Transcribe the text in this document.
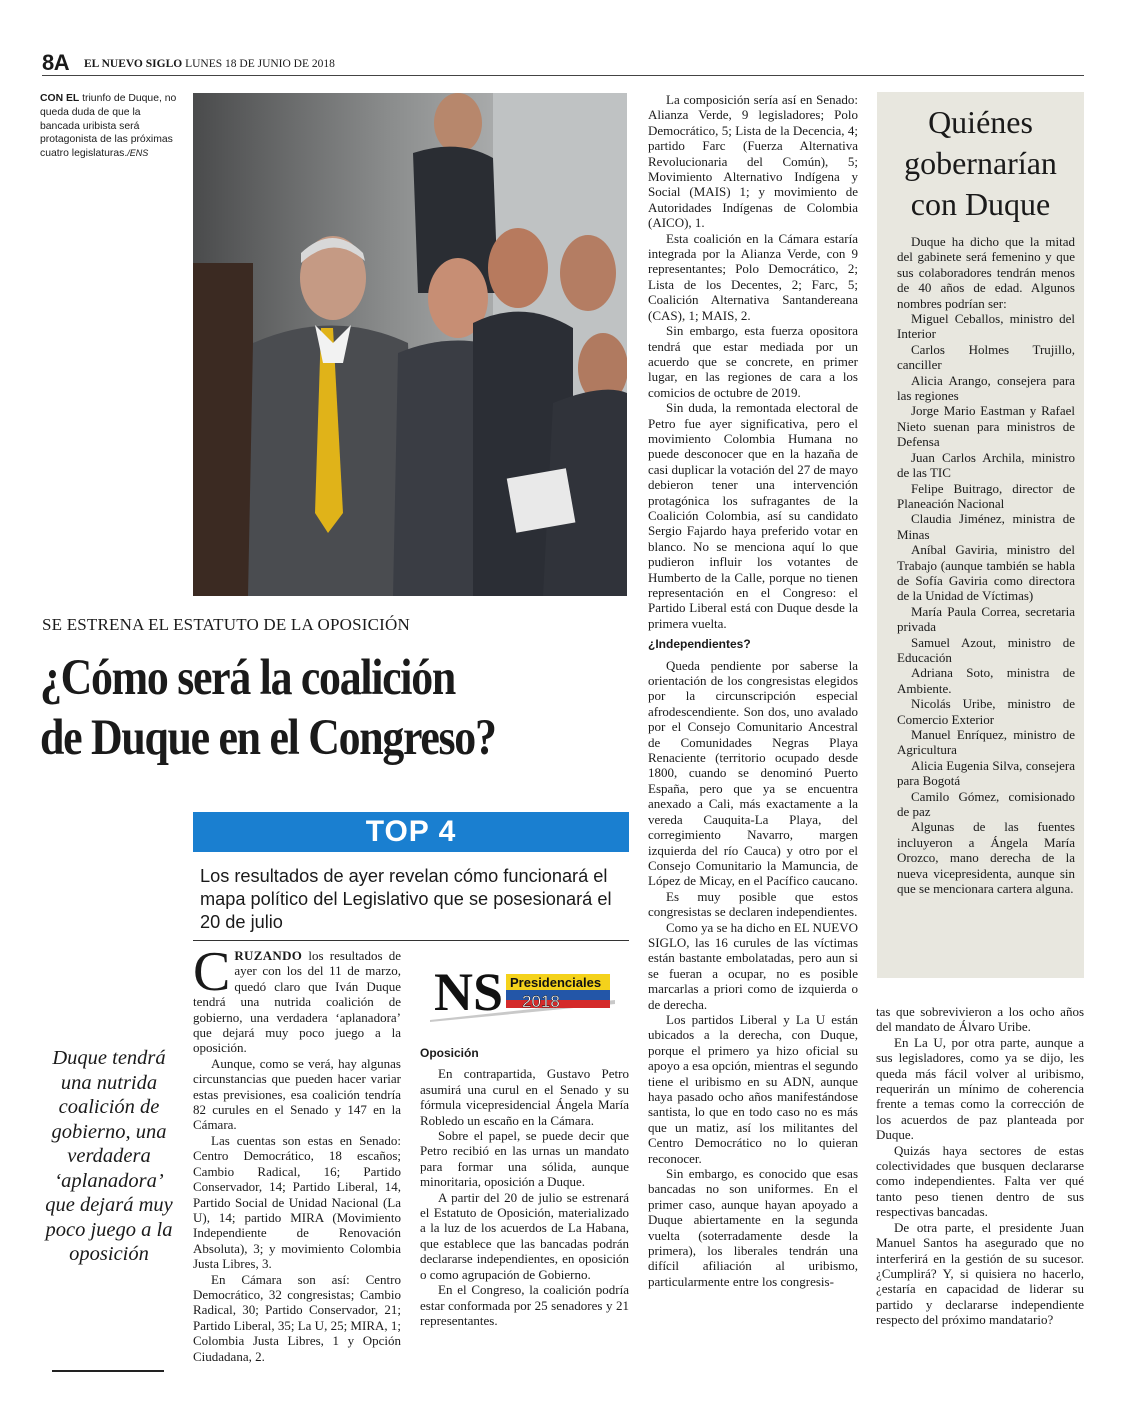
8A EL NUEVO SIGLO LUNES 18 DE JUNIO DE 2018
CON EL triunfo de Duque, no queda duda de que la bancada uribista será protagonista de las próximas cuatro legislaturas./ENS
SE ESTRENA EL ESTATUTO DE LA OPOSICIÓN
¿Cómo será la coalición
de Duque en el Congreso?
TOP 4
Los resultados de ayer revelan cómo funcionará el mapa político del Legislativo que se posesionará el 20 de julio
Duque tendrá una nutrida coalición de gobierno, una verdadera ‘aplanadora’ que dejará muy poco juego a la oposición

CRUZANDO los resultados de ayer con los del 11 de marzo, quedó claro que Iván Duque tendrá una nutrida coalición de gobierno, una verdadera ‘aplanadora’ que dejará muy poco juego a la oposición.

Aunque, como se verá, hay algunas circunstancias que pueden hacer variar estas previsiones, esa coalición tendría 82 curules en el Senado y 147 en la Cámara.

Las cuentas son estas en Senado: Centro Democrático, 18 escaños; Cambio Radical, 16; Partido Conservador, 14; Partido Liberal, 14, Partido Social de Unidad Nacional (La U), 14; partido MIRA (Movimiento Independiente de Renovación Absoluta), 3; y movimiento Colombia Justa Libres, 3.

En Cámara son así: Centro Democrático, 32 congresistas; Cambio Radical, 30; Partido Conservador, 21; Partido Liberal, 35; La U, 25; MIRA, 1; Colombia Justa Libres, 1 y Opción Ciudadana, 2.

NS Presidenciales
2018
Oposición

En contrapartida, Gustavo Petro asumirá una curul en el Senado y su fórmula vicepresidencial Ángela María Robledo un escaño en la Cámara.

Sobre el papel, se puede decir que Petro recibió en las urnas un mandato para formar una sólida, aunque minoritaria, oposición a Duque.

A partir del 20 de julio se estrenará el Estatuto de Oposición, materializado a la luz de los acuerdos de La Habana, que establece que las bancadas podrán declararse independientes, en oposición o como agrupación de Gobierno.

En el Congreso, la coalición podría estar conformada por 25 senadores y 21 representantes.

La composición sería así en Senado: Alianza Verde, 9 legisladores; Polo Democrático, 5; Lista de la Decencia, 4; partido Farc (Fuerza Alternativa Revolucionaria del Común), 5; Movimiento Alternativo Indígena y Social (MAIS) 1; y movimiento de Autoridades Indígenas de Colombia (AICO), 1.

Esta coalición en la Cámara estaría integrada por la Alianza Verde, con 9 representantes; Polo Democrático, 2; Lista de los Decentes, 2; Farc, 5; Coalición Alternativa Santandereana (CAS), 1; MAIS, 2.

Sin embargo, esta fuerza opositora tendrá que estar mediada por un acuerdo que se concrete, en primer lugar, en las regiones de cara a los comicios de octubre de 2019.

Sin duda, la remontada electoral de Petro fue ayer significativa, pero el movimiento Colombia Humana no puede desconocer que en la hazaña de casi duplicar la votación del 27 de mayo debieron tener una intervención protagónica los sufragantes de la Coalición Colombia, así su candidato Sergio Fajardo haya preferido votar en blanco. No se menciona aquí lo que pudieron influir los votantes de Humberto de la Calle, porque no tienen representación en el Congreso: el Partido Liberal está con Duque desde la primera vuelta.

¿Independientes?

Queda pendiente por saberse la orientación de los congresistas elegidos por la circunscripción especial afrodescendiente. Son dos, uno avalado por el Consejo Comunitario Ancestral de Comunidades Negras Playa Renaciente (territorio ocupado desde 1800, cuando se denominó Puerto España, pero que ya se encuentra anexado a Cali, más exactamente a la vereda Cauquita-La Playa, del corregimiento Navarro, margen izquierda del río Cauca) y otro por el Consejo Comunitario la Mamuncia, de López de Micay, en el Pacífico caucano.

Es muy posible que estos congresistas se declaren independientes.

Como ya se ha dicho en EL NUEVO SIGLO, las 16 curules de las víctimas están bastante embolatadas, pero aun si se fueran a ocupar, no es posible marcarlas a priori como de izquierda o de derecha.

Los partidos Liberal y La U están ubicados a la derecha, con Duque, porque el primero ya hizo oficial su apoyo a esa opción, mientras el segundo tiene el uribismo en su ADN, aunque haya pasado ocho años manifestándose santista, lo que en todo caso no es más que un matiz, así los militantes del Centro Democrático no lo quieran reconocer.

Sin embargo, es conocido que esas bancadas no son uniformes. En el primer caso, aunque hayan apoyado a Duque abiertamente en la segunda vuelta (soterradamente desde la primera), los liberales tendrán una difícil afiliación al uribismo, particularmente entre los congresis-

tas que sobrevivieron a los ocho años del mandato de Álvaro Uribe.

En La U, por otra parte, aunque a sus legisladores, como ya se dijo, les queda más fácil volver al uribismo, requerirán un mínimo de coherencia frente a temas como la corrección de los acuerdos de paz planteada por Duque.

Quizás haya sectores de estas colectividades que busquen declararse como independientes. Falta ver qué tanto peso tienen dentro de sus respectivas bancadas.

De otra parte, el presidente Juan Manuel Santos ha asegurado que no interferirá en la gestión de su sucesor. ¿Cumplirá? Y, si quisiera no hacerlo, ¿estaría en capacidad de liderar su partido y declararse independiente respecto del próximo mandatario?

Quiénes
gobernarían
con Duque

Duque ha dicho que la mitad del gabinete será femenino y que sus colaboradores tendrán menos de 40 años de edad. Algunos nombres podrían ser:

Miguel Ceballos, ministro del Interior

Carlos Holmes Trujillo, canciller

Alicia Arango, consejera para las regiones

Jorge Mario Eastman y Rafael Nieto suenan para ministros de Defensa

Juan Carlos Archila, ministro de las TIC

Felipe Buitrago, director de Planeación Nacional

Claudia Jiménez, ministra de Minas

Aníbal Gaviria, ministro del Trabajo (aunque también se habla de Sofía Gaviria como directora de la Unidad de Víctimas)

María Paula Correa, secretaria privada

Samuel Azout, ministro de Educación

Adriana Soto, ministra de Ambiente.

Nicolás Uribe, ministro de Comercio Exterior

Manuel Enríquez, ministro de Agricultura

Alicia Eugenia Silva, consejera para Bogotá

Camilo Gómez, comisionado de paz

Algunas de las fuentes incluyeron a Ángela María Orozco, mano derecha de la nueva vicepresidenta, aunque sin que se mencionara cartera alguna.
